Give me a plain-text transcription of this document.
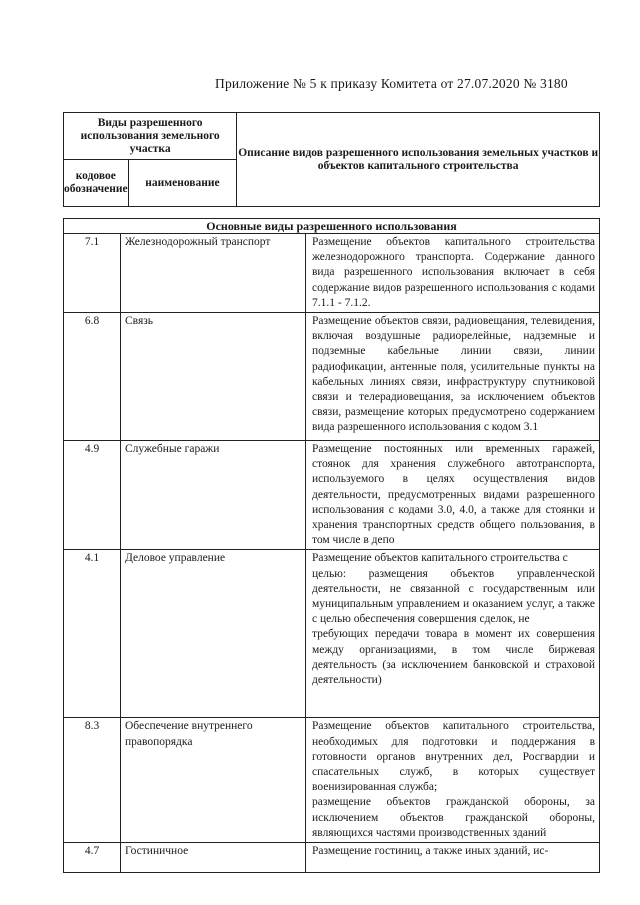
Приложение № 5 к приказу Комитета от 27.07.2020 № 3180
Виды разрешенного использования земельного участка		Описание видов разрешенного использования земельных участков и объектов капитального строительства
кодовое обозначение	наименование	
Основные виды разрешенного использования		
7.1	Железнодорожный транспорт	Размещение объектов капитального строительства железнодорожного транспорта. Содержание данного вида разрешенного использования включает в себя содержание видов разрешенного использования с кодами 7.1.1 - 7.1.2.

6.8	Связь	Размещение объектов связи, радиовещания, телевидения, включая воздушные радиорелейные, надземные и подземные кабельные линии связи, линии радиофикации, антенные поля, усилительные пункты на кабельных линиях связи, инфраструктуру спутниковой связи и телерадиовещания, за исключением объектов связи, размещение которых предусмотрено содержанием вида разрешенного использования с кодом 3.1

4.9	Служебные гаражи	Размещение постоянных или временных гаражей, стоянок для хранения служебного автотранспорта, используемого в целях осуществления видов деятельности, предусмотренных видами разрешенного использования с кодами 3.0, 4.0, а также для стоянки и хранения транспортных средств общего пользования, в том числе в депо

4.1	Деловое управление	Размещение объектов капитального строительства с
целью: размещения объектов управленческой деятельности, не связанной с государственным или муниципальным управлением и оказанием услуг, а также с целью обеспечения совершения сделок, не
требующих передачи товара в момент их совершения между организациями, в том числе биржевая деятельность (за исключением банковской и страховой деятельности)

8.3	Обеспечение внутреннего правопорядка	Размещение объектов капитального строительства, необходимых для подготовки и поддержания в готовности органов внутренних дел, Росгвардии и спасательных служб, в которых существует военизированная служба;
размещение объектов гражданской обороны, за исключением объектов гражданской обороны, являющихся частями производственных зданий

4.7	Гостиничное	Размещение гостиниц, а также иных зданий, ис-
